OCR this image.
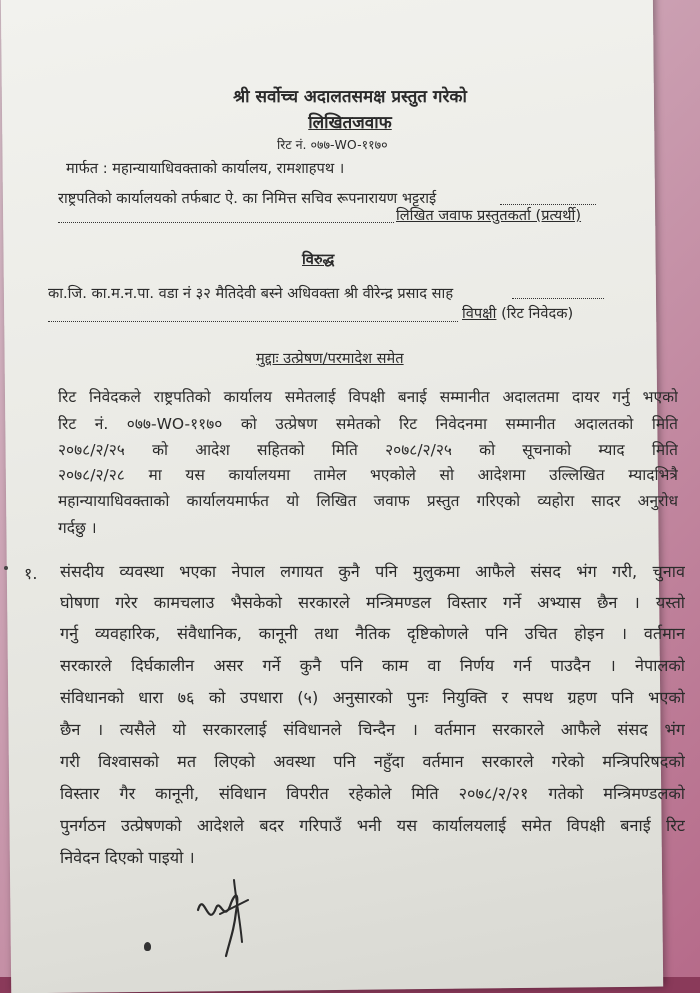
श्री सर्वोच्च अदालतसमक्ष प्रस्तुत गरेको
लिखितजवाफ
रिट नं. ०७७-WO-११७०
मार्फत : महान्यायाधिवक्ताको कार्यालय, रामशाहपथ ।
राष्ट्रपतिको कार्यालयको तर्फबाट ऐ. का निमित्त सचिव रूपनारायण भट्टराई
लिखित जवाफ प्रस्तुतकर्ता (प्रत्यर्थी)
विरुद्ध
का.जि. का.म.न.पा. वडा नं ३२ मैतिदेवी बस्ने अधिवक्ता श्री वीरेन्द्र प्रसाद साह
विपक्षी (रिट निवेदक)
मुद्दाः उत्प्रेषण/परमादेश समेत
रिट निवेदकले राष्ट्रपतिको कार्यालय समेतलाई विपक्षी बनाई सम्मानीत अदालतमा दायर गर्नु भएको
रिट नं. ०७७-WO-११७० को उत्प्रेषण समेतको रिट निवेदनमा सम्मानीत अदालतको मिति
२०७८/२/२५ को आदेश सहितको मिति २०७८/२/२५ को सूचनाको म्याद मिति
२०७८/२/२८ मा यस कार्यालयमा तामेल भएकोले सो आदेशमा उल्लिखित म्यादभित्रै
महान्यायाधिवक्ताको कार्यालयमार्फत यो लिखित जवाफ प्रस्तुत गरिएको व्यहोरा सादर अनुरोध
गर्दछु ।
१. संसदीय व्यवस्था भएका नेपाल लगायत कुनै पनि मुलुकमा आफैले संसद भंग गरी, चुनाव
घोषणा गरेर कामचलाउ भैसकेको सरकारले मन्त्रिमण्डल विस्तार गर्ने अभ्यास छैन । यस्तो
गर्नु व्यवहारिक, संवैधानिक, कानूनी तथा नैतिक दृष्टिकोणले पनि उचित होइन । वर्तमान
सरकारले दिर्घकालीन असर गर्ने कुनै पनि काम वा निर्णय गर्न पाउदैन । नेपालको
संविधानको धारा ७६ को उपधारा (५) अनुसारको पुनः नियुक्ति र सपथ ग्रहण पनि भएको
छैन । त्यसैले यो सरकारलाई संविधानले चिन्दैन । वर्तमान सरकारले आफैले संसद भंग
गरी विश्वासको मत लिएको अवस्था पनि नहुँदा वर्तमान सरकारले गरेको मन्त्रिपरिषदको
विस्तार गैर कानूनी, संविधान विपरीत रहेकोले मिति २०७८/२/२१ गतेको मन्त्रिमण्डलको
पुनर्गठन उत्प्रेषणको आदेशले बदर गरिपाउँ भनी यस कार्यालयलाई समेत विपक्षी बनाई रिट
निवेदन दिएको पाइयो ।
